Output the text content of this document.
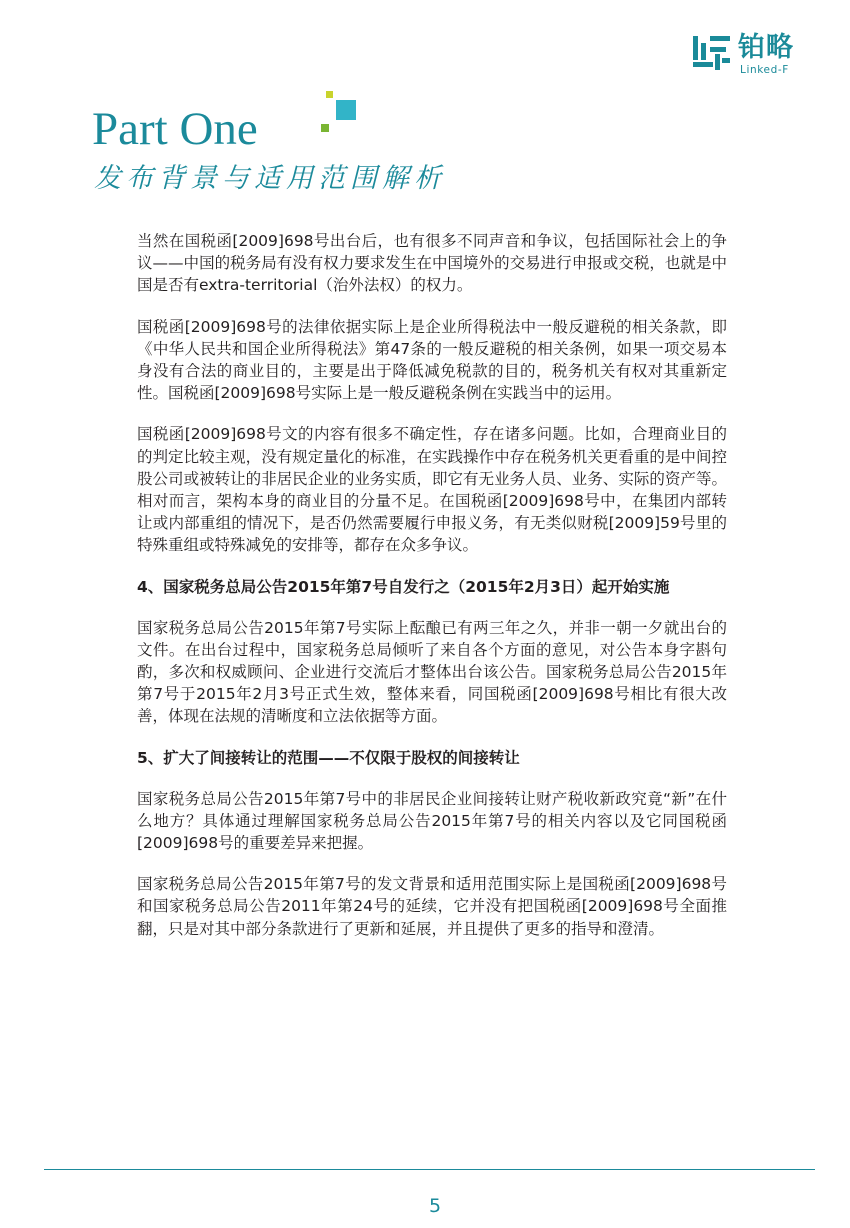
铂略
Linked-F
Part One
发布背景与适用范围解析

当然在国税函[2009]698号出台后，也有很多不同声音和争议，包括国际社会上的争议——中国的税务局有没有权力要求发生在中国境外的交易进行申报或交税，也就是中国是否有extra-territorial（治外法权）的权力。

国税函[2009]698号的法律依据实际上是企业所得税法中一般反避税的相关条款，即《中华人民共和国企业所得税法》第47条的一般反避税的相关条例，如果一项交易本身没有合法的商业目的，主要是出于降低减免税款的目的，税务机关有权对其重新定性。国税函[2009]698号实际上是一般反避税条例在实践当中的运用。

国税函[2009]698号文的内容有很多不确定性，存在诸多问题。比如，合理商业目的的判定比较主观，没有规定量化的标准，在实践操作中存在税务机关更看重的是中间控股公司或被转让的非居民企业的业务实质，即它有无业务人员、业务、实际的资产等。相对而言，架构本身的商业目的分量不足。在国税函[2009]698号中，在集团内部转让或内部重组的情况下，是否仍然需要履行申报义务，有无类似财税[2009]59号里的特殊重组或特殊减免的安排等，都存在众多争议。

4、国家税务总局公告2015年第7号自发行之（2015年2月3日）起开始实施

国家税务总局公告2015年第7号实际上酝酿已有两三年之久，并非一朝一夕就出台的文件。在出台过程中，国家税务总局倾听了来自各个方面的意见，对公告本身字斟句酌，多次和权威顾问、企业进行交流后才整体出台该公告。国家税务总局公告2015年第7号于2015年2月3号正式生效，整体来看，同国税函[2009]698号相比有很大改善，体现在法规的清晰度和立法依据等方面。

5、扩大了间接转让的范围——不仅限于股权的间接转让

国家税务总局公告2015年第7号中的非居民企业间接转让财产税收新政究竟“新”在什么地方？具体通过理解国家税务总局公告2015年第7号的相关内容以及它同国税函[2009]698号的重要差异来把握。

国家税务总局公告2015年第7号的发文背景和适用范围实际上是国税函[2009]698号和国家税务总局公告2011年第24号的延续，它并没有把国税函[2009]698号全面推翻，只是对其中部分条款进行了更新和延展，并且提供了更多的指导和澄清。

5
